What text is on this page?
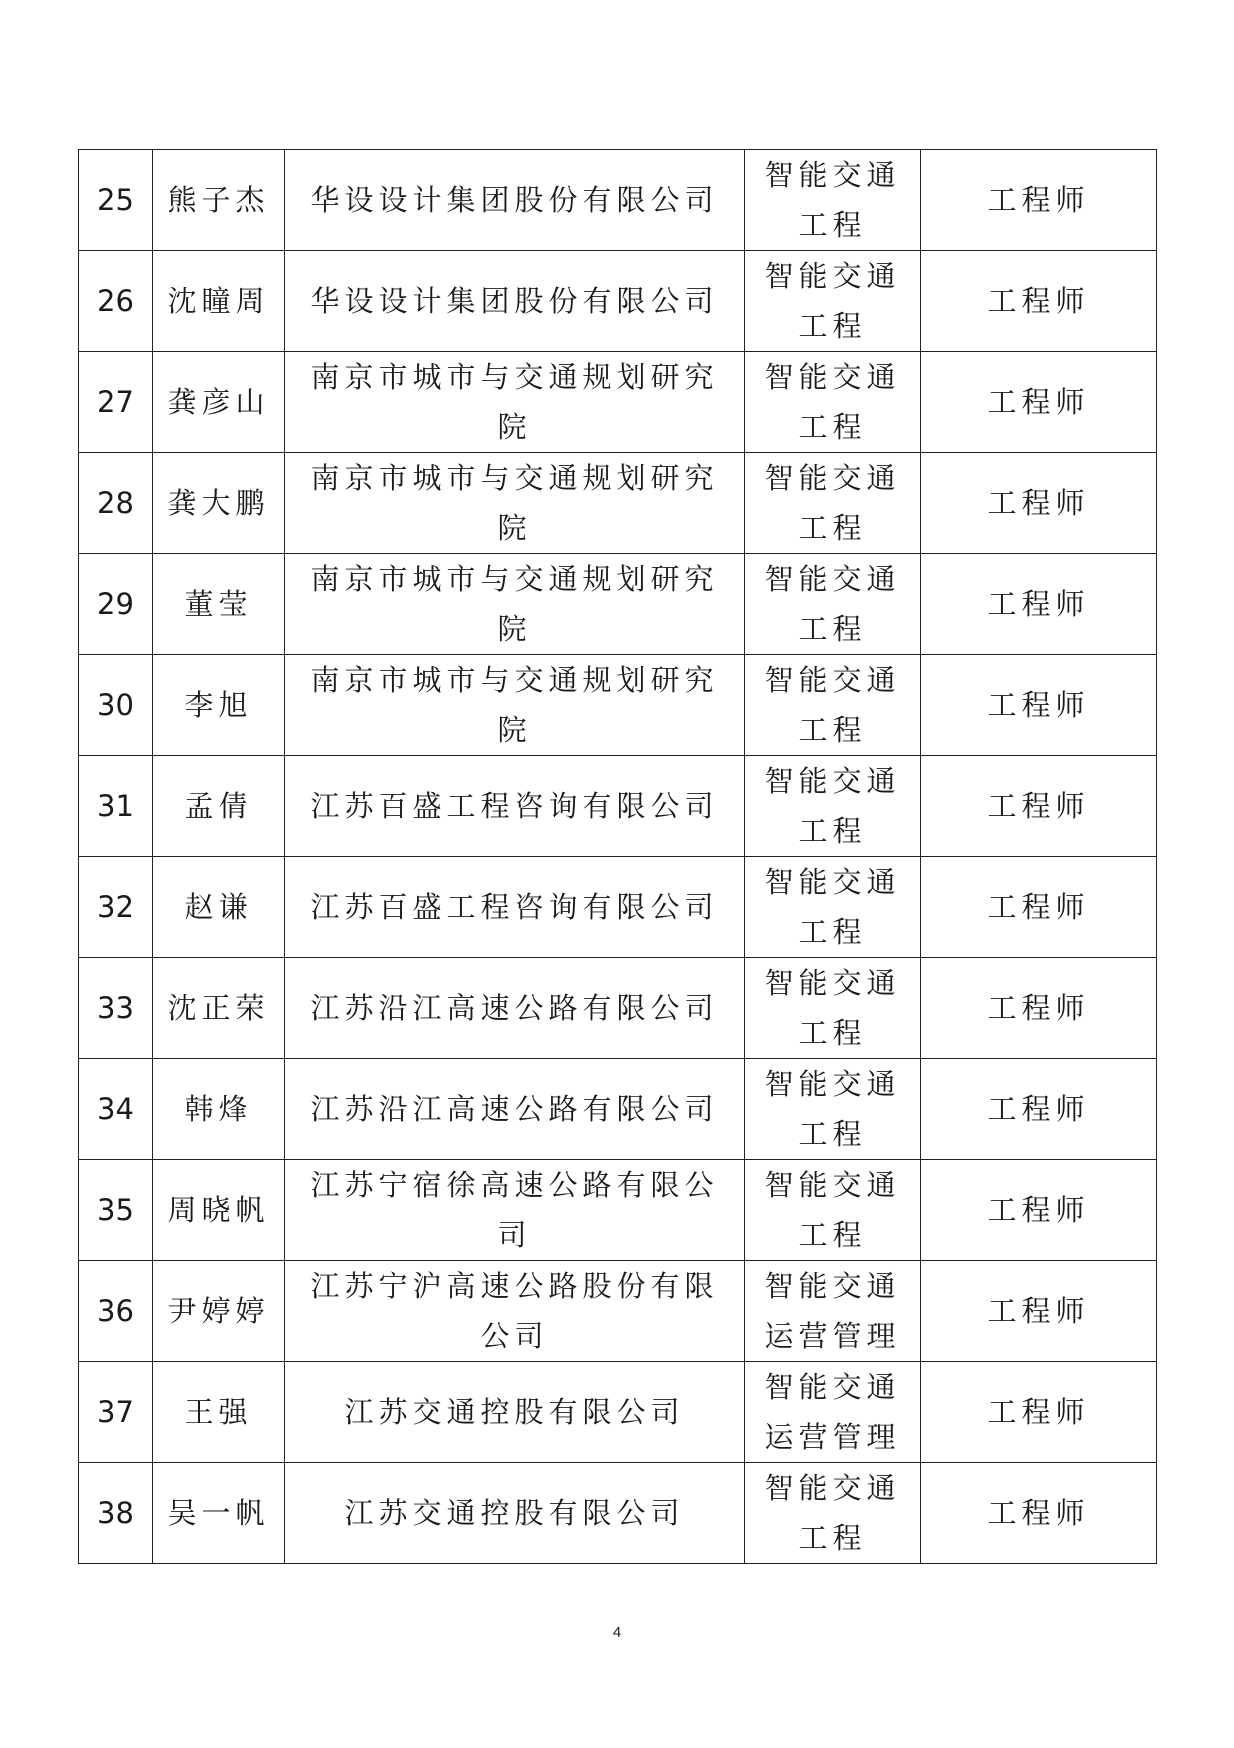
25	熊子杰	华设设计集团股份有限公司	智能交通工程	工程师
26	沈瞳周	华设设计集团股份有限公司	智能交通工程	工程师
27	龚彦山	南京市城市与交通规划研究院	智能交通工程	工程师
28	龚大鹏	南京市城市与交通规划研究院	智能交通工程	工程师
29	董莹	南京市城市与交通规划研究院	智能交通工程	工程师
30	李旭	南京市城市与交通规划研究院	智能交通工程	工程师
31	孟倩	江苏百盛工程咨询有限公司	智能交通工程	工程师
32	赵谦	江苏百盛工程咨询有限公司	智能交通工程	工程师
33	沈正荣	江苏沿江高速公路有限公司	智能交通工程	工程师
34	韩烽	江苏沿江高速公路有限公司	智能交通工程	工程师
35	周晓帆	江苏宁宿徐高速公路有限公司	智能交通工程	工程师
36	尹婷婷	江苏宁沪高速公路股份有限公司	智能交通运营管理	工程师
37	王强	江苏交通控股有限公司	智能交通运营管理	工程师
38	吴一帆	江苏交通控股有限公司	智能交通工程	工程师
4
